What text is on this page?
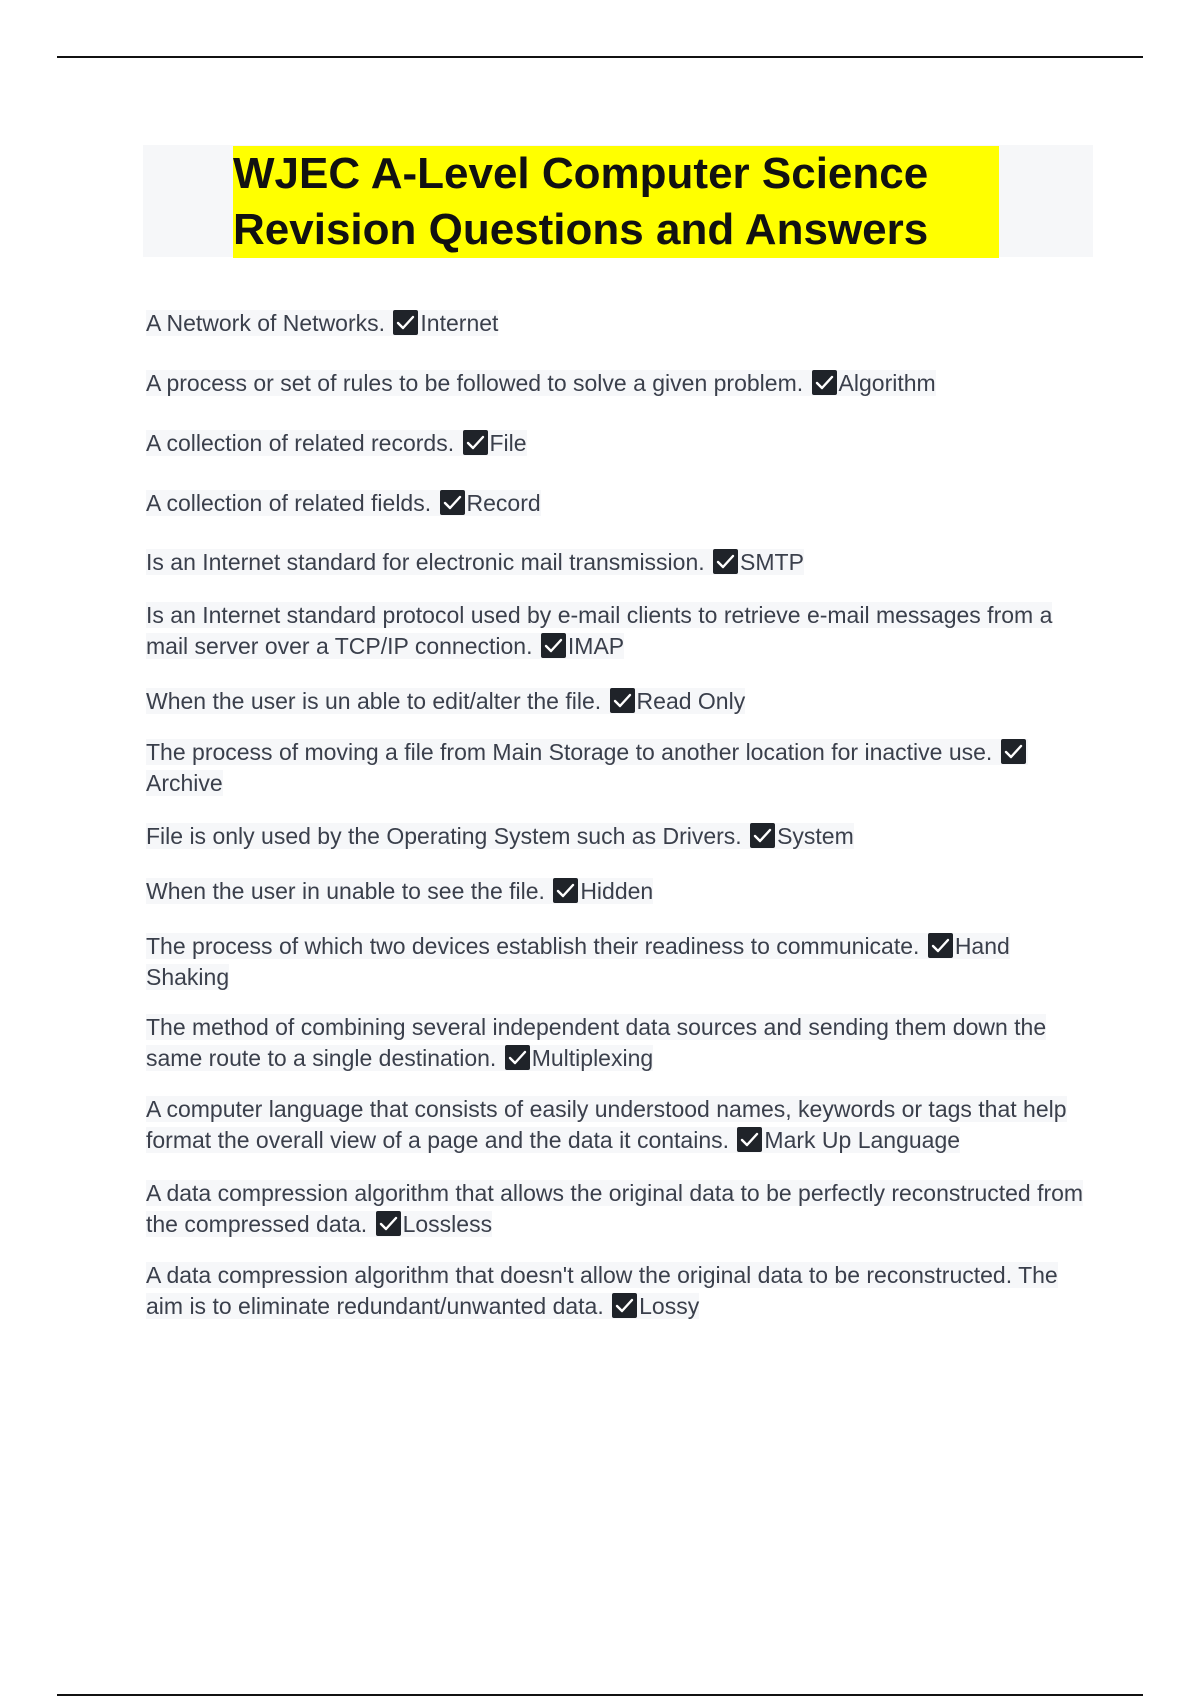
WJEC A-Level Computer Science Revision Questions and Answers
A Network of Networks. Internet
A process or set of rules to be followed to solve a given problem. Algorithm
A collection of related records. File
A collection of related fields. Record
Is an Internet standard for electronic mail transmission. SMTP
Is an Internet standard protocol used by e-mail clients to retrieve e-mail messages from a mail server over a TCP/IP connection. IMAP
When the user is un able to edit/alter the file. Read Only
The process of moving a file from Main Storage to another location for inactive use.
Archive
File is only used by the Operating System such as Drivers. System
When the user in unable to see the file. Hidden
The process of which two devices establish their readiness to communicate. Hand Shaking
The method of combining several independent data sources and sending them down the same route to a single destination. Multiplexing
A computer language that consists of easily understood names, keywords or tags that help format the overall view of a page and the data it contains. Mark Up Language
A data compression algorithm that allows the original data to be perfectly reconstructed from the compressed data. Lossless
A data compression algorithm that doesn't allow the original data to be reconstructed. The aim is to eliminate redundant/unwanted data. Lossy
